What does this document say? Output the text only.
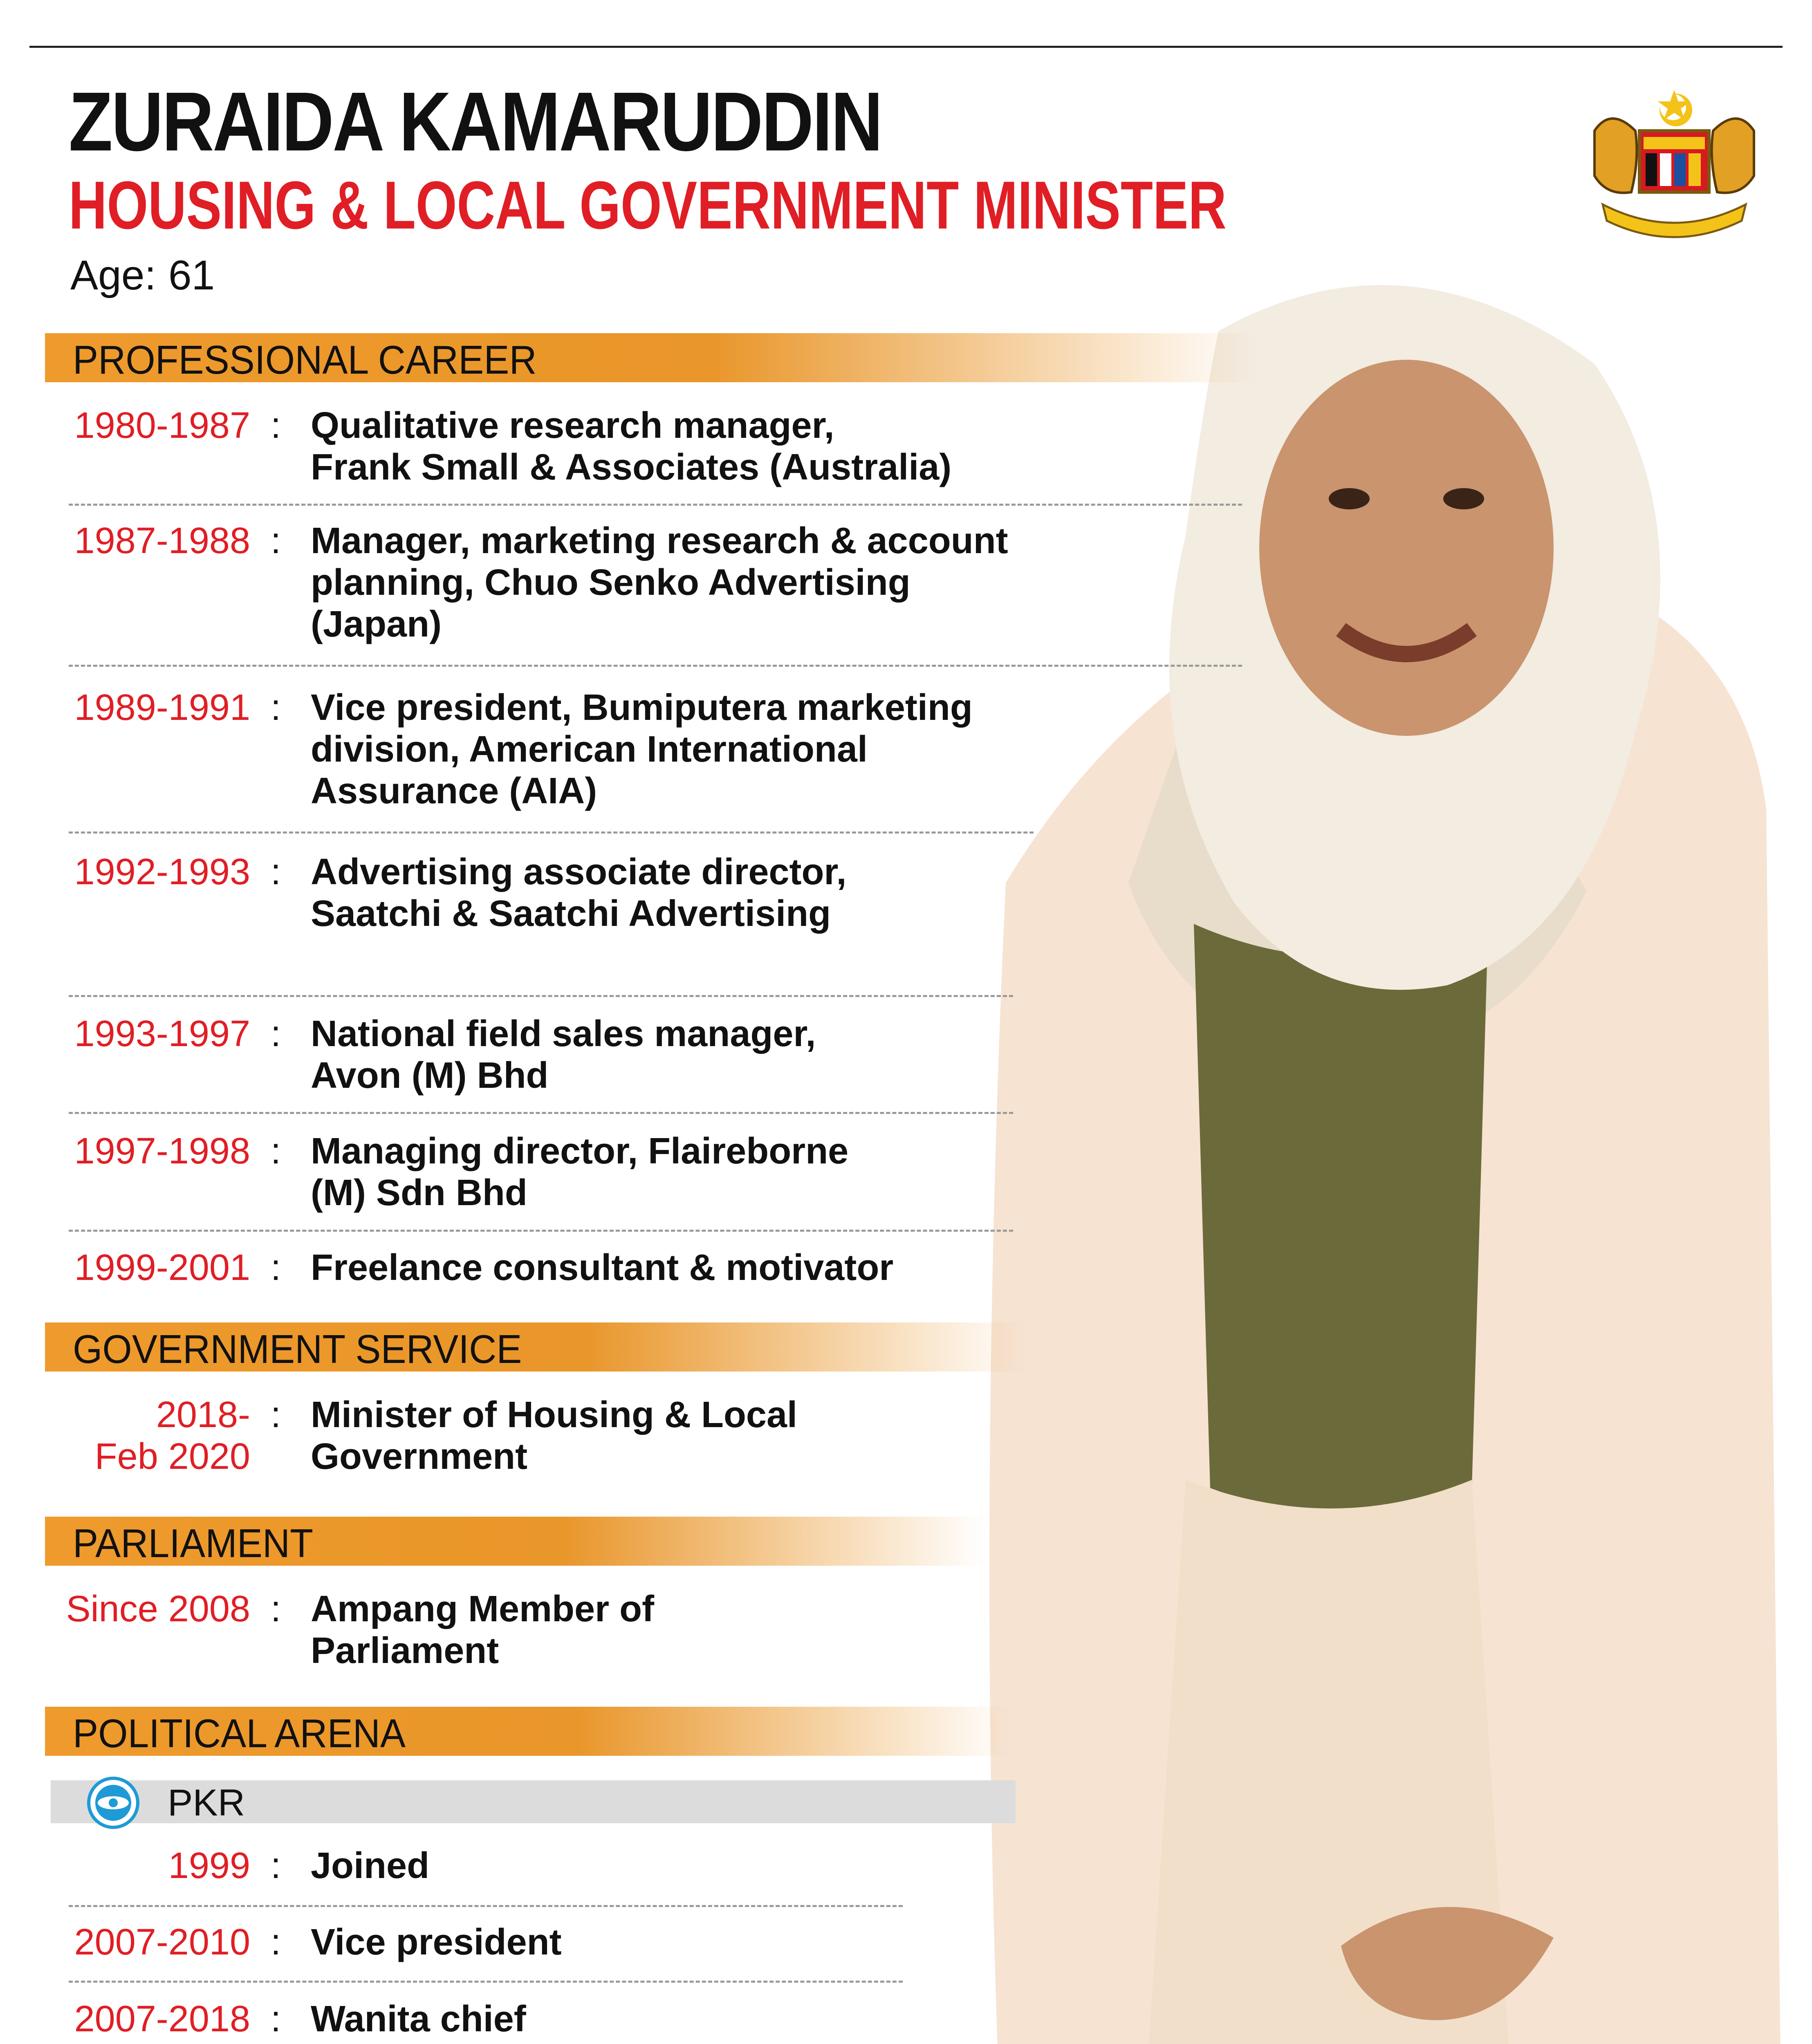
ZURAIDA KAMARUDDIN
HOUSING & LOCAL GOVERNMENT MINISTER
Age: 61
PROFESSIONAL CAREER
1980-1987 : Qualitative research manager,
Frank Small & Associates (Australia)
1987-1988 : Manager, marketing research & account
planning, Chuo Senko Advertising
(Japan)
1989-1991 : Vice president, Bumiputera marketing
division, American International
Assurance (AIA)
1992-1993 : Advertising associate director,
Saatchi & Saatchi Advertising
1993-1997 : National field sales manager,
Avon (M) Bhd
1997-1998 : Managing director, Flaireborne
(M) Sdn Bhd
1999-2001 : Freelance consultant & motivator
GOVERNMENT SERVICE
2018-
Feb 2020
: Minister of Housing & Local
Government
PARLIAMENT
Since 2008 : Ampang Member of
Parliament
POLITICAL ARENA
PKR
1999 : Joined
2007-2010 : Vice president
2007-2018 : Wanita chief
